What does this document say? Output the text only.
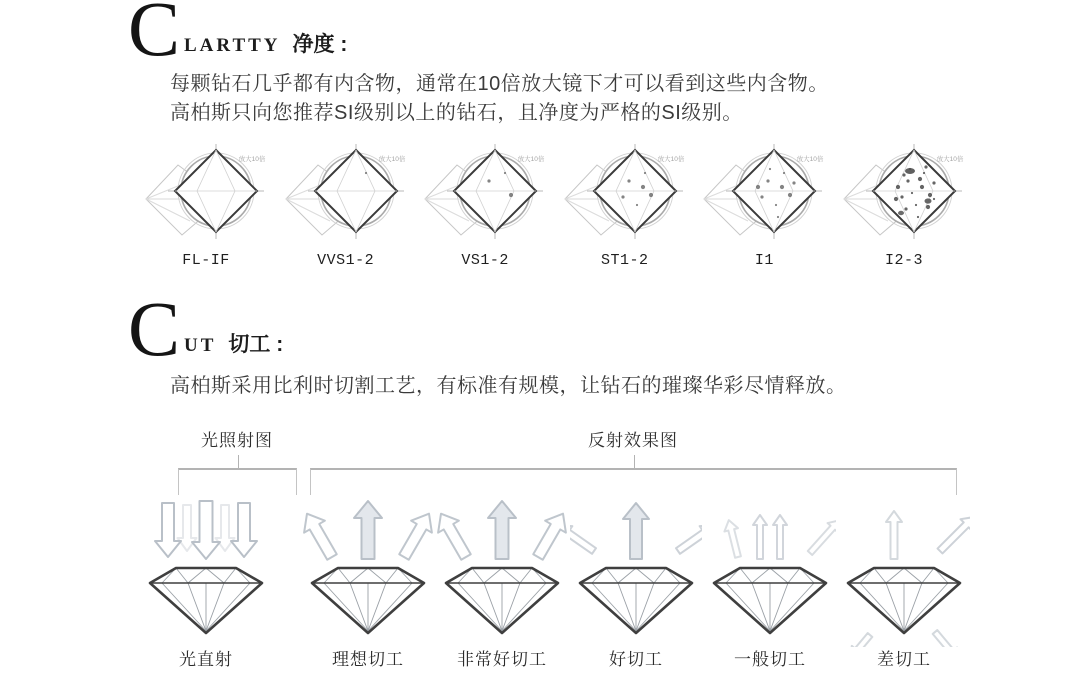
C LARTTY 净度 :
每颗钻石几乎都有内含物，通常在10倍放大镜下才可以看到这些内含物。
高柏斯只向您推荐SI级别以上的钻石，且净度为严格的SI级别。
放大10倍
FL-IF
放大10倍
VVS1-2
放大10倍
VS1-2
放大10倍
ST1-2
放大10倍
I1
放大10倍
I2-3
C UT 切工 :
高柏斯采用比利时切割工艺，有标准有规模，让钻石的璀璨华彩尽情释放。
光照射图	反射效果图
光直射	理想切工	非常好切工	好切工	一般切工	差切工
